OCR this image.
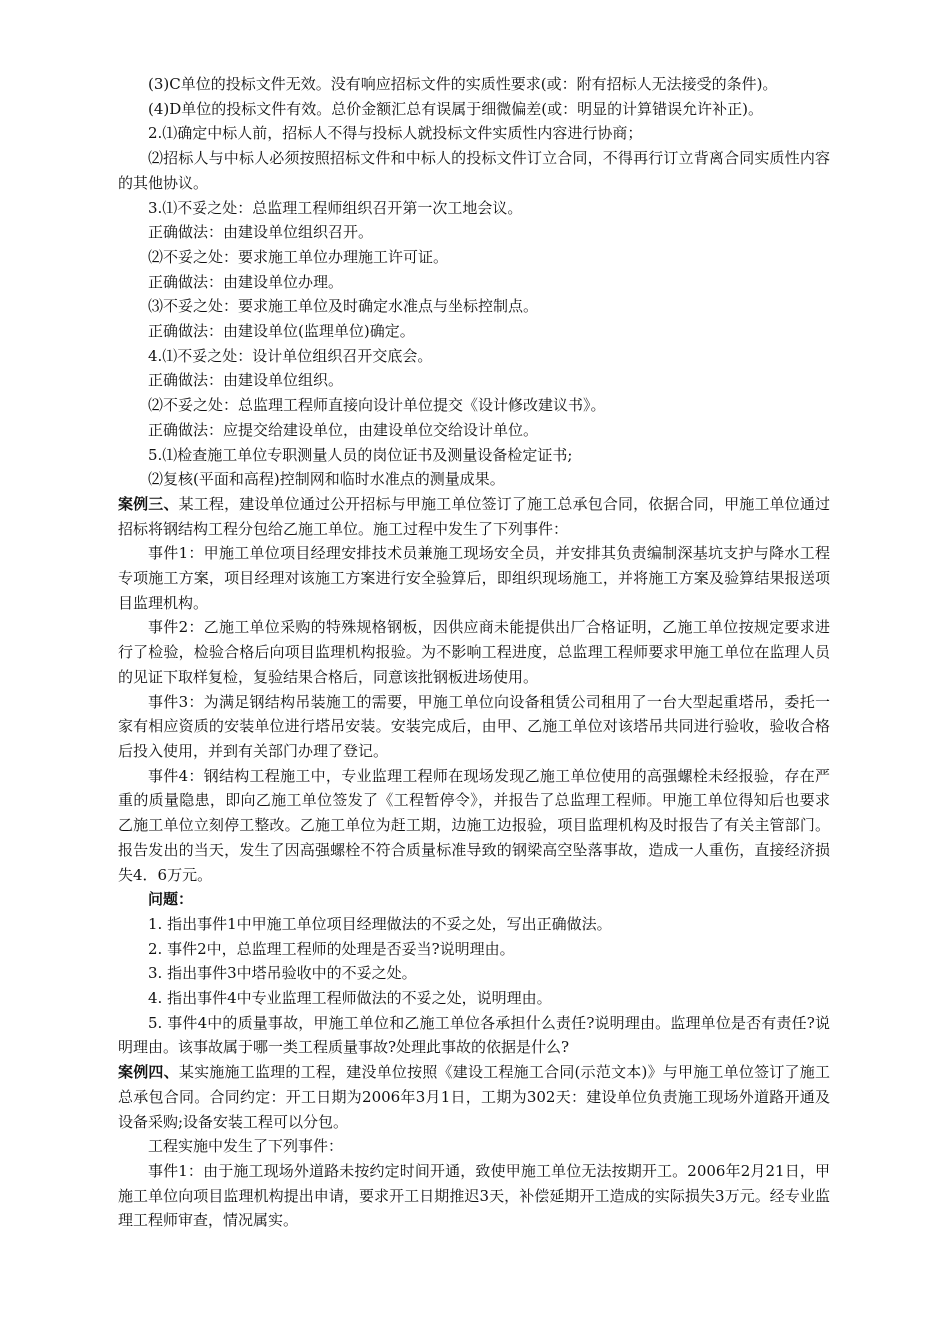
(3)C单位的投标文件无效。没有响应招标文件的实质性要求(或：附有招标人无法接受的条件)。

(4)D单位的投标文件有效。总价金额汇总有误属于细微偏差(或：明显的计算错误允许补正)。

2.⑴确定中标人前，招标人不得与投标人就投标文件实质性内容进行协商；

⑵招标人与中标人必须按照招标文件和中标人的投标文件订立合同，不得再行订立背离合同实质性内容的其他协议。

3.⑴不妥之处：总监理工程师组织召开第一次工地会议。

正确做法：由建设单位组织召开。

⑵不妥之处：要求施工单位办理施工许可证。

正确做法：由建设单位办理。

⑶不妥之处：要求施工单位及时确定水准点与坐标控制点。

正确做法：由建设单位(监理单位)确定。

4.⑴不妥之处：设计单位组织召开交底会。

正确做法：由建设单位组织。

⑵不妥之处：总监理工程师直接向设计单位提交《设计修改建议书》。

正确做法：应提交给建设单位，由建设单位交给设计单位。

5.⑴检查施工单位专职测量人员的岗位证书及测量设备检定证书;

⑵复核(平面和高程)控制网和临时水准点的测量成果。

案例三、某工程，建设单位通过公开招标与甲施工单位签订了施工总承包合同，依据合同，甲施工单位通过招标将钢结构工程分包给乙施工单位。施工过程中发生了下列事件：

事件1：甲施工单位项目经理安排技术员兼施工现场安全员，并安排其负责编制深基坑支护与降水工程专项施工方案，项目经理对该施工方案进行安全验算后，即组织现场施工，并将施工方案及验算结果报送项目监理机构。

事件2：乙施工单位采购的特殊规格钢板，因供应商未能提供出厂合格证明，乙施工单位按规定要求进行了检验，检验合格后向项目监理机构报验。为不影响工程进度，总监理工程师要求甲施工单位在监理人员的见证下取样复检，复验结果合格后，同意该批钢板进场使用。

事件3：为满足钢结构吊装施工的需要，甲施工单位向设备租赁公司租用了一台大型起重塔吊，委托一家有相应资质的安装单位进行塔吊安装。安装完成后，由甲、乙施工单位对该塔吊共同进行验收，验收合格后投入使用，并到有关部门办理了登记。

事件4：钢结构工程施工中，专业监理工程师在现场发现乙施工单位使用的高强螺栓未经报验，存在严重的质量隐患，即向乙施工单位签发了《工程暂停令》，并报告了总监理工程师。甲施工单位得知后也要求乙施工单位立刻停工整改。乙施工单位为赶工期，边施工边报验，项目监理机构及时报告了有关主管部门。报告发出的当天，发生了因高强螺栓不符合质量标准导致的钢梁高空坠落事故，造成一人重伤，直接经济损失4．6万元。

问题：

1. 指出事件1中甲施工单位项目经理做法的不妥之处，写出正确做法。

2. 事件2中，总监理工程师的处理是否妥当?说明理由。

3. 指出事件3中塔吊验收中的不妥之处。

4. 指出事件4中专业监理工程师做法的不妥之处，说明理由。

5. 事件4中的质量事故，甲施工单位和乙施工单位各承担什么责任?说明理由。监理单位是否有责任?说明理由。该事故属于哪一类工程质量事故?处理此事故的依据是什么?

案例四、某实施施工监理的工程，建没单位按照《建设工程施工合同(示范文本)》与甲施工单位签订了施工总承包合同。合同约定：开工日期为2006年3月1日，工期为302天：建设单位负责施工现场外道路开通及设备采购;设备安装工程可以分包。

工程实施中发生了下列事件：

事件1：由于施工现场外道路未按约定时间开通，致使甲施工单位无法按期开工。2006年2月21日，甲施工单位向项目监理机构提出申请，要求开工日期推迟3天，补偿延期开工造成的实际损失3万元。经专业监理工程师审查，情况属实。
